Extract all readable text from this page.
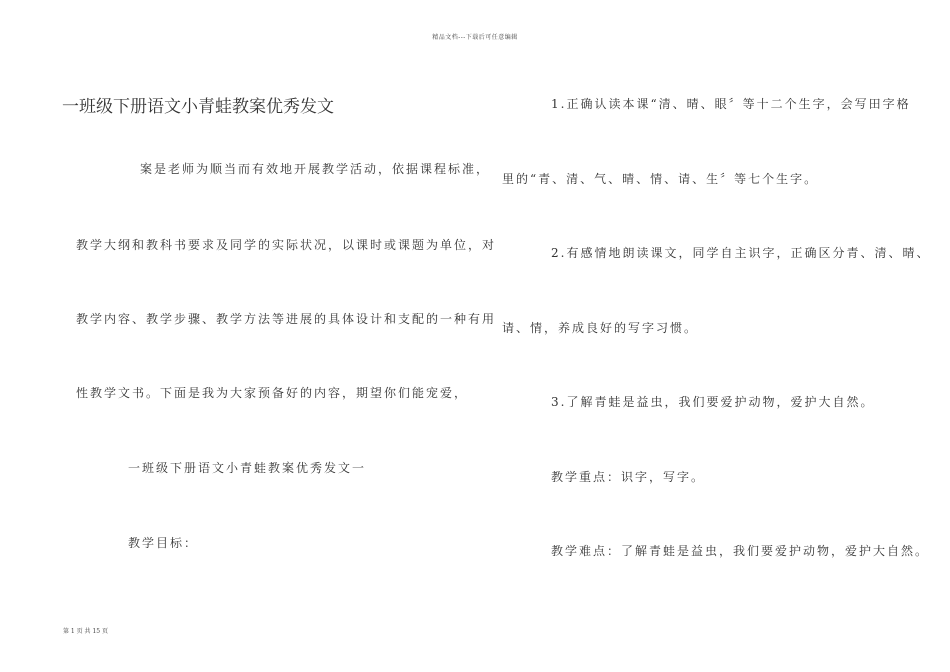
精品文档---下载后可任意编辑
一班级下册语文小青蛙教案优秀发文
案是老师为顺当而有效地开展教学活动，依据课程标准，
教学大纲和教科书要求及同学的实际状况，以课时或课题为单位，对
教学内容、教学步骤、教学方法等进展的具体设计和支配的一种有用
性教学文书。下面是我为大家预备好的内容，期望你们能宠爱，
一班级下册语文小青蛙教案优秀发文一
教学目标：
1.正确认读本课“清、晴、眼〞等十二个生字，会写田字格
里的“青、清、气、晴、情、请、生〞等七个生字。
2.有感情地朗读课文，同学自主识字，正确区分青、清、晴、
请、情，养成良好的写字习惯。
3.了解青蛙是益虫，我们要爱护动物，爱护大自然。
教学重点：识字，写字。
教学难点：了解青蛙是益虫，我们要爱护动物，爱护大自然。
第 1 页 共 15 页
